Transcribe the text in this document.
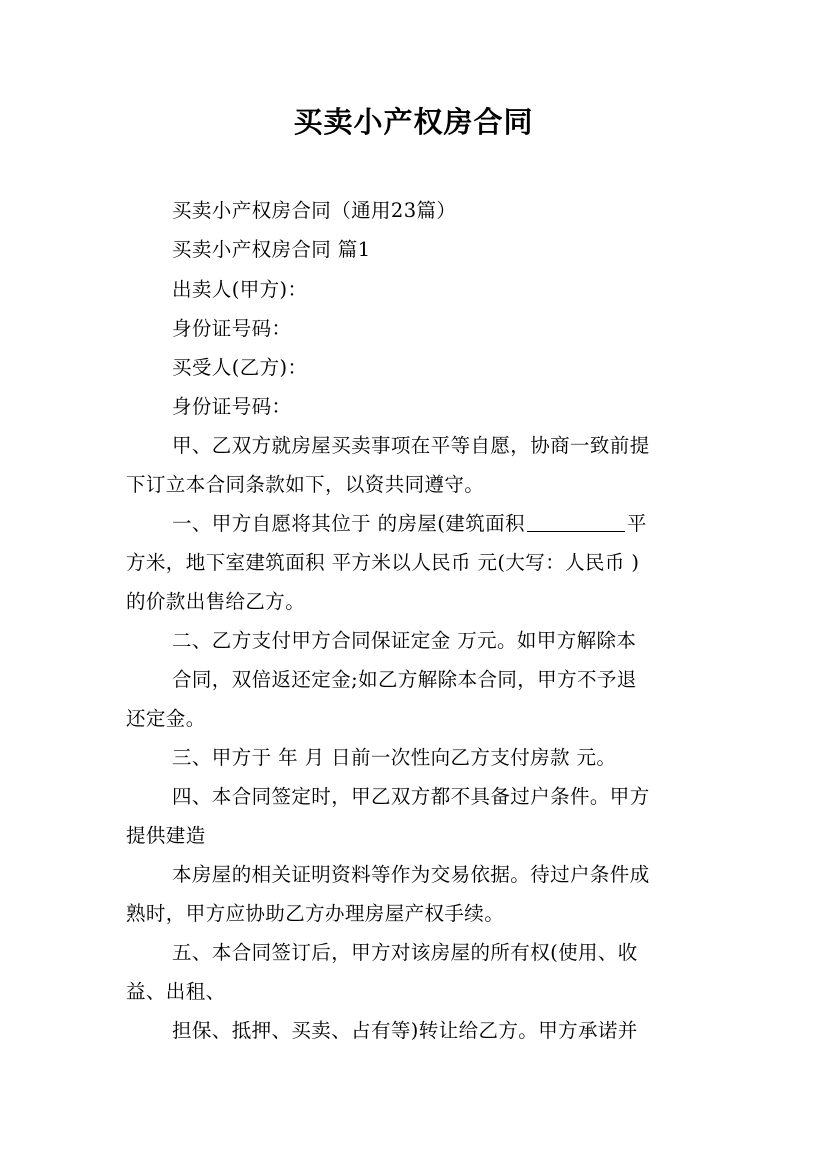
买卖小产权房合同
买卖小产权房合同（通用23篇）
买卖小产权房合同 篇1
出卖人(甲方)：
身份证号码：
买受人(乙方)：
身份证号码：
甲、乙双方就房屋买卖事项在平等自愿，协商一致前提
下订立本合同条款如下，以资共同遵守。
一、甲方自愿将其位于 的房屋(建筑面积	平
方米，地下室建筑面积 平方米以人民币 元(大写：人民币 )
的价款出售给乙方。
二、乙方支付甲方合同保证定金 万元。如甲方解除本
合同，双倍返还定金;如乙方解除本合同，甲方不予退
还定金。
三、甲方于 年 月 日前一次性向乙方支付房款 元。
四、本合同签定时，甲乙双方都不具备过户条件。甲方
提供建造
本房屋的相关证明资料等作为交易依据。待过户条件成
熟时，甲方应协助乙方办理房屋产权手续。
五、本合同签订后，甲方对该房屋的所有权(使用、收
益、出租、
担保、抵押、买卖、占有等)转让给乙方。甲方承诺并
